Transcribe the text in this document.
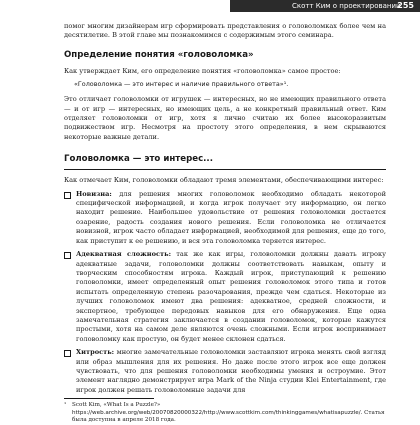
Скотт Ким о проектировании головоломок
255

помог многим дизайнерам игр сформировать представления о головоломках более чем на десятилетие. В этой главе мы познакомимся с содержимым этого семинара.

Определение понятия «головоломка»

Как утверждает Ким, его определение понятия «головоломка» самое простое:

«Головоломка — это интерес и наличие правильного ответа»¹.

Это отличает головоломки от игрушек — интересных, но не имеющих правильного ответа — и от игр — интересных, но имеющих цель, а не конкретный правильный ответ. Ким отделяет головоломки от игр, хотя я лично считаю их более высокоразвитым подвижеством игр. Несмотря на простоту этого определения, в нем скрываются некоторые важные детали.

Головоломка — это интерес...

Как отмечает Ким, головоломки обладают тремя элементами, обеспечивающими интерес:

Новизна: для решения многих головоломок необходимо обладать некоторой специфической информацией, и когда игрок получает эту информацию, он легко находит решение. Наибольшее удовольствие от решения головоломки достается озарение, радость создания нового решения. Если головоломка не отличается новизной, игрок часто обладает информацией, необходимой для решения, еще до того, как приступит к ее решению, и вся эта головоломка теряется интерес.

Адекватная сложность: так же как игры, головоломки должны давать игроку адекватные задачи, головоломки должны соответствовать навыкам, опыту и творческим способностям игрока. Каждый игрок, приступающий к решению головоломки, имеет определенный опыт решения головоломок этого типа и готов испытать определенную степень разочарования, прежде чем сдаться. Некоторые из лучших головоломок имеют два решения: адекватное, средней сложности, и экспертное, требующее передовых навыков для его обнаружения. Еще одна замечательная стратегия заключается в создании головоломок, которые кажутся простыми, хотя на самом деле являются очень сложными. Если игрок воспринимает головоломку как простую, он будет менее склонен сдаться.

Хитрость: многие замечательные головоломки заставляют игрока менять свой взгляд или образ мышления для их решения. Но даже после этого игрок все еще должен чувствовать, что для решения головоломки необходимы умения и остроумие. Этот элемент наглядно демонстрирует игра Mark of the Ninja студии Klei Entertainment, где игрок должен решать головоломные задачи для

¹ Scott Kim, «What Is a Puzzle?» https://web.archive.org/web/20070820000322/http://www.scottkim.com/thinkinggames/whatisapuzzle/. Статья была доступна в апреле 2018 года.
